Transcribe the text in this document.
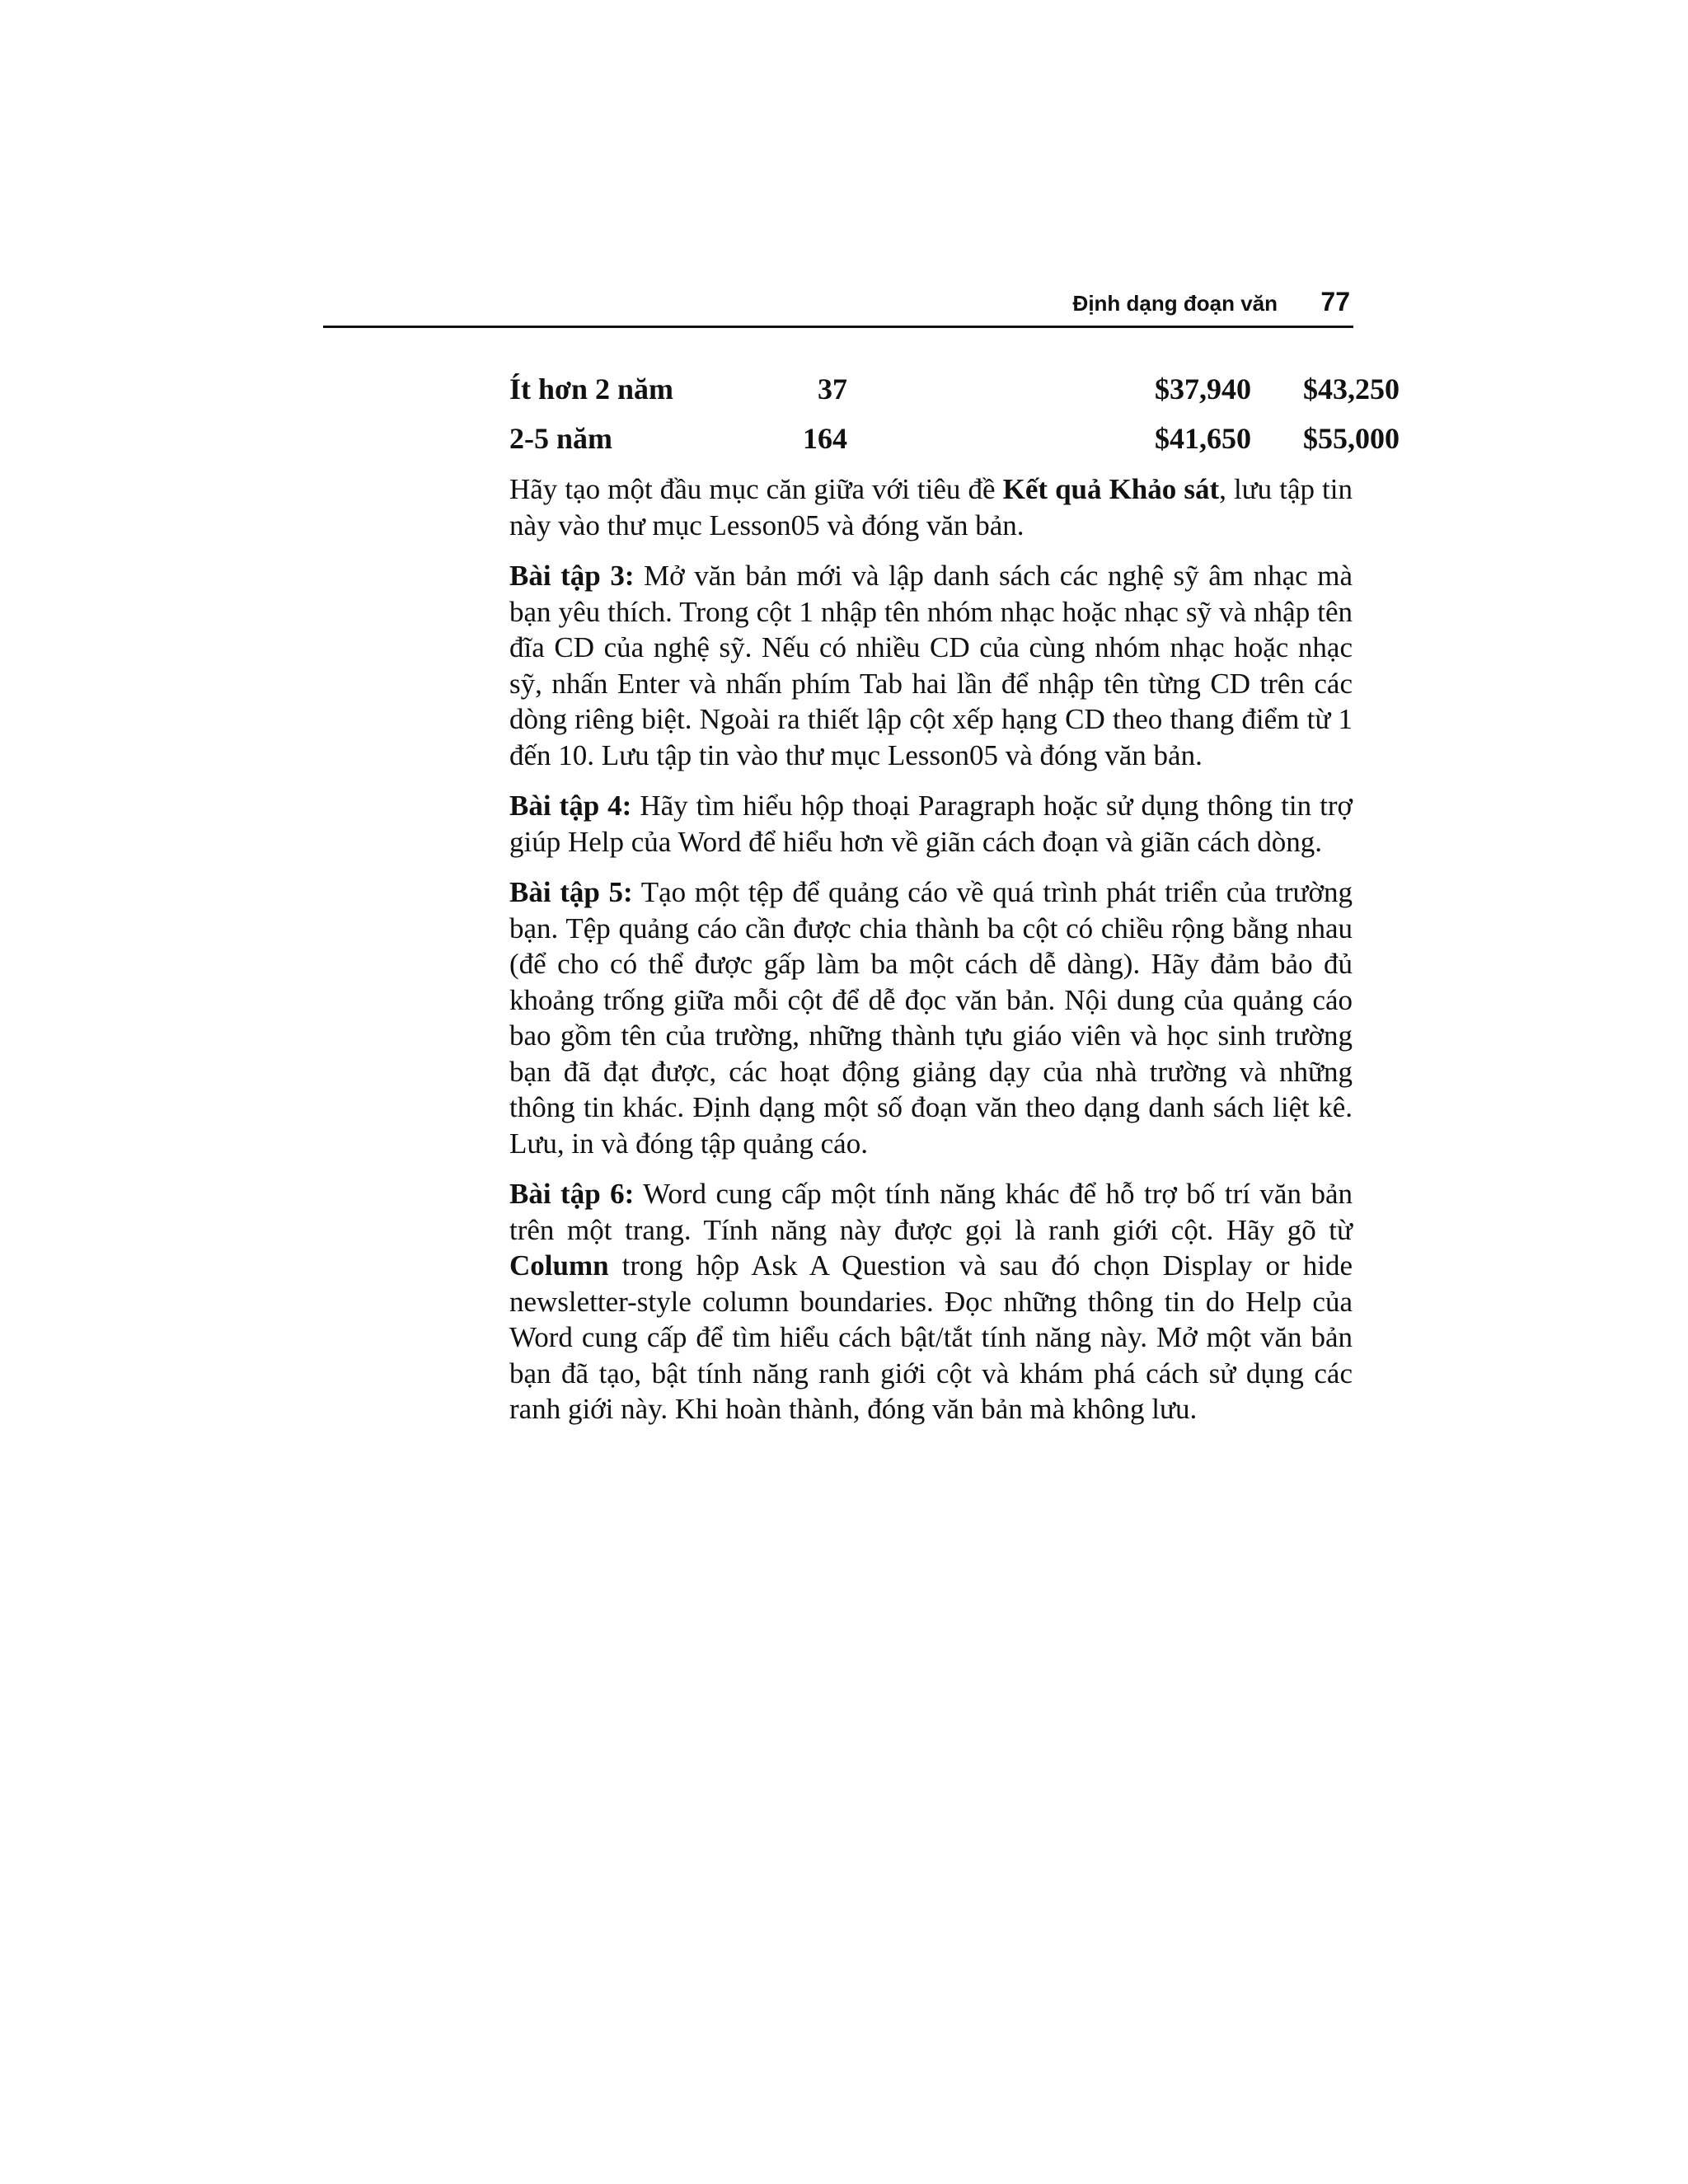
Định dạng đoạn văn 77
Ít hơn 2 năm	37	$37,940	$43,250
2-5 năm	164	$41,650	$55,000

Hãy tạo một đầu mục căn giữa với tiêu đề Kết quả Khảo sát, lưu tập tin này vào thư mục Lesson05 và đóng văn bản.

Bài tập 3: Mở văn bản mới và lập danh sách các nghệ sỹ âm nhạc mà bạn yêu thích. Trong cột 1 nhập tên nhóm nhạc hoặc nhạc sỹ và nhập tên đĩa CD của nghệ sỹ. Nếu có nhiều CD của cùng nhóm nhạc hoặc nhạc sỹ, nhấn Enter và nhấn phím Tab hai lần để nhập tên từng CD trên các dòng riêng biệt. Ngoài ra thiết lập cột xếp hạng CD theo thang điểm từ 1 đến 10. Lưu tập tin vào thư mục Lesson05 và đóng văn bản.

Bài tập 4: Hãy tìm hiểu hộp thoại Paragraph hoặc sử dụng thông tin trợ giúp Help của Word để hiểu hơn về giãn cách đoạn và giãn cách dòng.

Bài tập 5: Tạo một tệp để quảng cáo về quá trình phát triển của trường bạn. Tệp quảng cáo cần được chia thành ba cột có chiều rộng bằng nhau (để cho có thể được gấp làm ba một cách dễ dàng). Hãy đảm bảo đủ khoảng trống giữa mỗi cột để dễ đọc văn bản. Nội dung của quảng cáo bao gồm tên của trường, những thành tựu giáo viên và học sinh trường bạn đã đạt được, các hoạt động giảng dạy của nhà trường và những thông tin khác. Định dạng một số đoạn văn theo dạng danh sách liệt kê. Lưu, in và đóng tập quảng cáo.

Bài tập 6: Word cung cấp một tính năng khác để hỗ trợ bố trí văn bản trên một trang. Tính năng này được gọi là ranh giới cột. Hãy gõ từ Column trong hộp Ask A Question và sau đó chọn Display or hide newsletter-style column boundaries. Đọc những thông tin do Help của Word cung cấp để tìm hiểu cách bật/tắt tính năng này. Mở một văn bản bạn đã tạo, bật tính năng ranh giới cột và khám phá cách sử dụng các ranh giới này. Khi hoàn thành, đóng văn bản mà không lưu.
